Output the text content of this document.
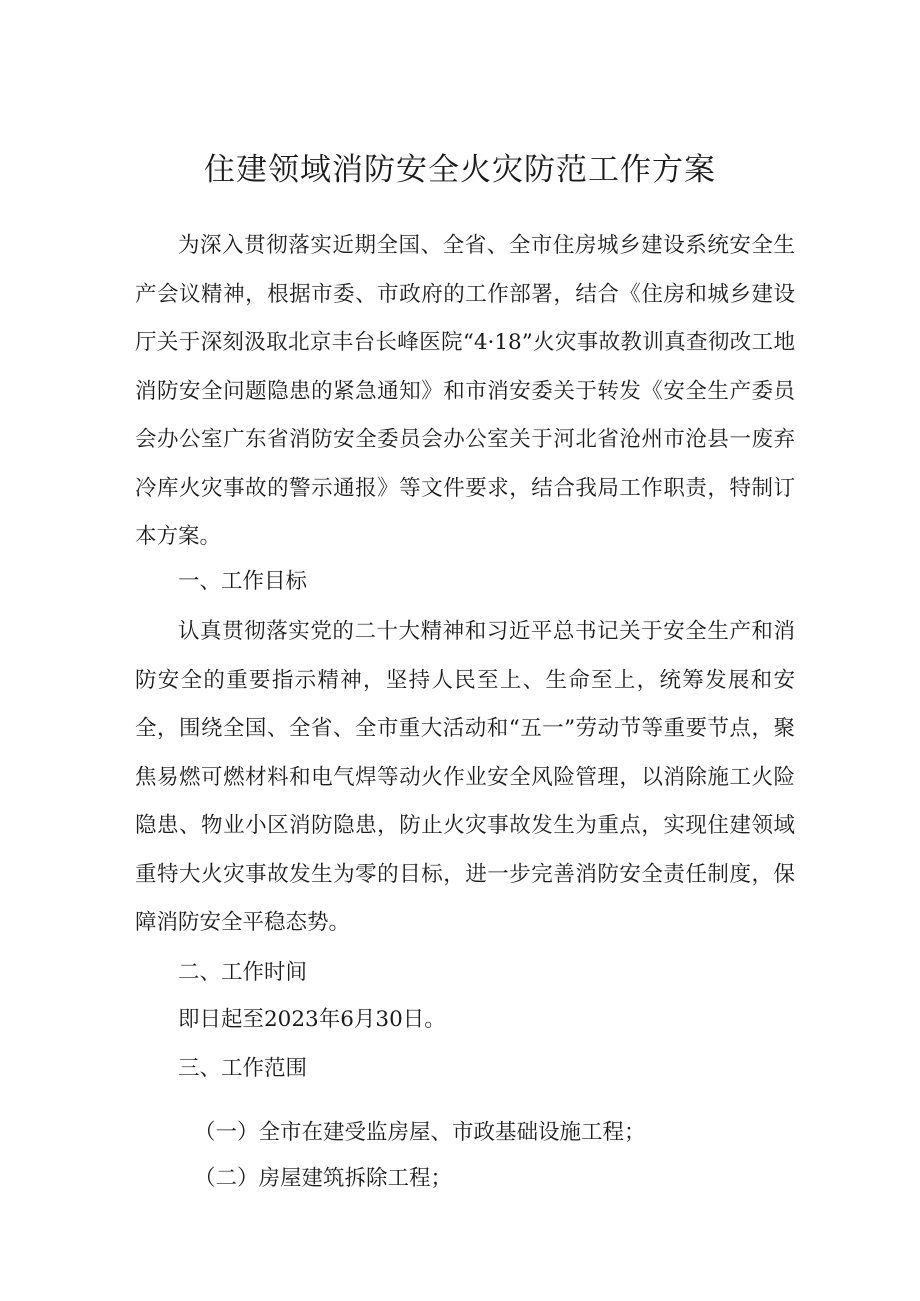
住建领域消防安全火灾防范工作方案

为深入贯彻落实近期全国、全省、全市住房城乡建设系统安全生产会议精神，根据市委、市政府的工作部署，结合《住房和城乡建设厅关于深刻汲取北京丰台长峰医院“4·18”火灾事故教训真查彻改工地消防安全问题隐患的紧急通知》和市消安委关于转发《安全生产委员会办公室广东省消防安全委员会办公室关于河北省沧州市沧县一废弃冷库火灾事故的警示通报》等文件要求，结合我局工作职责，特制订本方案。

一、工作目标

认真贯彻落实党的二十大精神和习近平总书记关于安全生产和消防安全的重要指示精神，坚持人民至上、生命至上，统筹发展和安全，围绕全国、全省、全市重大活动和“五一”劳动节等重要节点，聚焦易燃可燃材料和电气焊等动火作业安全风险管理，以消除施工火险隐患、物业小区消防隐患，防止火灾事故发生为重点，实现住建领域重特大火灾事故发生为零的目标，进一步完善消防安全责任制度，保障消防安全平稳态势。

二、工作时间

即日起至2023年6月30日。

三、工作范围

（一）全市在建受监房屋、市政基础设施工程；

（二）房屋建筑拆除工程；
